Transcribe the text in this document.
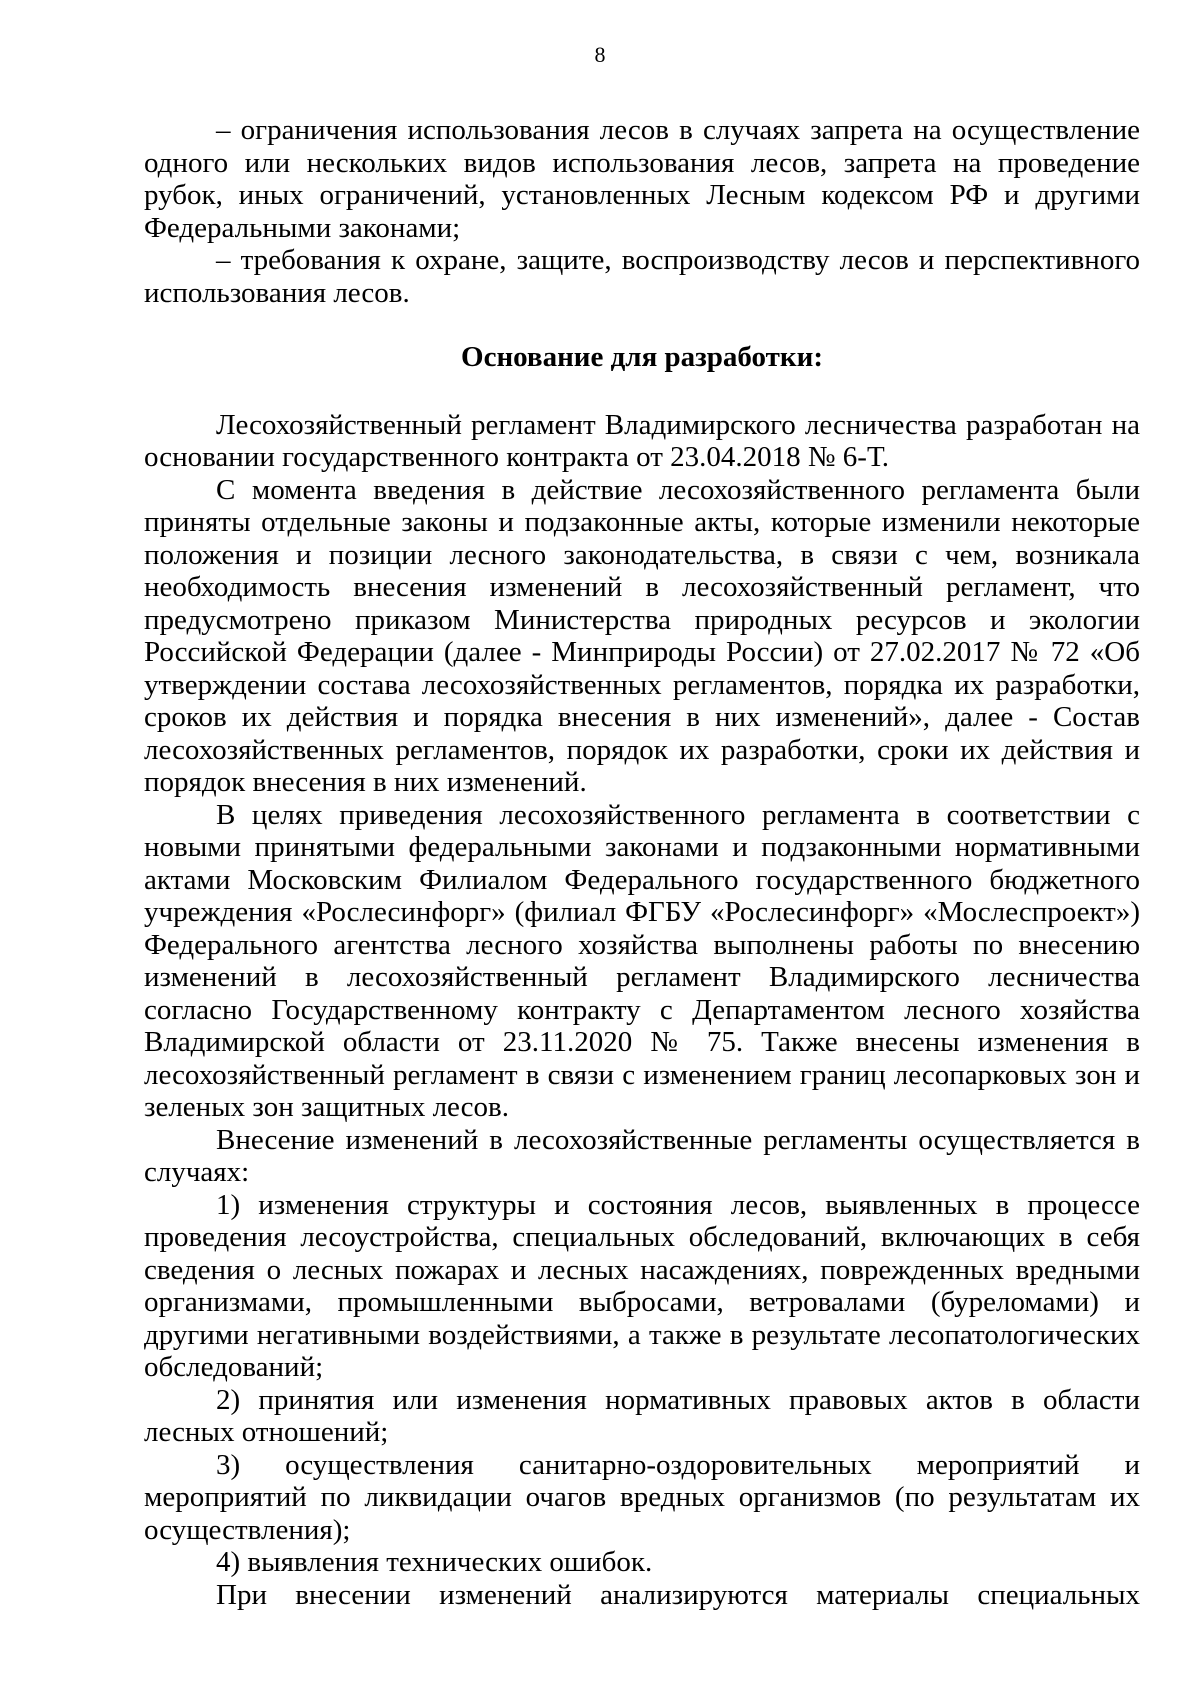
8

– ограничения использования лесов в случаях запрета на осуществление одного или нескольких видов использования лесов, запрета на проведение рубок, иных ограничений, установленных Лесным кодексом РФ и другими Федеральными законами;

– требования к охране, защите, воспроизводству лесов и перспективного использования лесов.

Основание для разработки:

Лесохозяйственный регламент Владимирского лесничества разработан на основании государственного контракта от 23.04.2018 № 6-Т.

С момента введения в действие лесохозяйственного регламента были приняты отдельные законы и подзаконные акты, которые изменили некоторые положения и позиции лесного законодательства, в связи с чем, возникала необходимость внесения изменений в лесохозяйственный регламент, что предусмотрено приказом Министерства природных ресурсов и экологии Российской Федерации (далее - Минприроды России) от 27.02.2017 № 72 «Об утверждении состава лесохозяйственных регламентов, порядка их разработки, сроков их действия и порядка внесения в них изменений», далее - Состав лесохозяйственных регламентов, порядок их разработки, сроки их действия и порядок внесения в них изменений.

В целях приведения лесохозяйственного регламента в соответствии с новыми принятыми федеральными законами и подзаконными нормативными актами Московским Филиалом Федерального государственного бюджетного учреждения «Рослесинфорг» (филиал ФГБУ «Рослесинфорг» «Мослеспроект») Федерального агентства лесного хозяйства выполнены работы по внесению изменений в лесохозяйственный регламент Владимирского лесничества согласно Государственному контракту с Департаментом лесного хозяйства Владимирской области от 23.11.2020 № 75. Также внесены изменения в лесохозяйственный регламент в связи с изменением границ лесопарковых зон и зеленых зон защитных лесов.

Внесение изменений в лесохозяйственные регламенты осуществляется в случаях:

1) изменения структуры и состояния лесов, выявленных в процессе проведения лесоустройства, специальных обследований, включающих в себя сведения о лесных пожарах и лесных насаждениях, поврежденных вредными организмами, промышленными выбросами, ветровалами (буреломами) и другими негативными воздействиями, а также в результате лесопатологических обследований;

2) принятия или изменения нормативных правовых актов в области лесных отношений;

3) осуществления санитарно-оздоровительных мероприятий и мероприятий по ликвидации очагов вредных организмов (по результатам их осуществления);

4) выявления технических ошибок.

При внесении изменений анализируются материалы специальных
